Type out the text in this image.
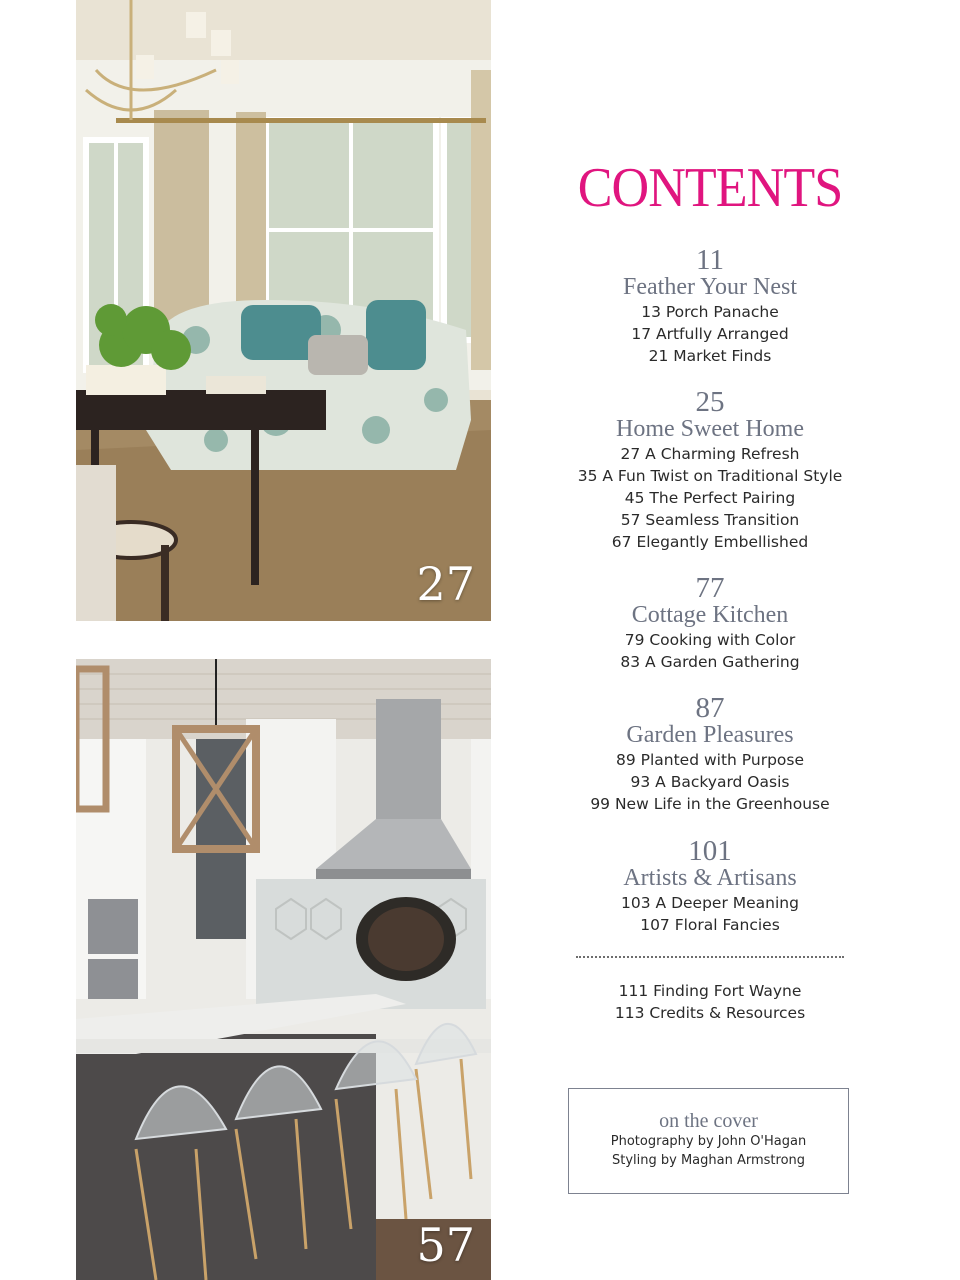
27
57
CONTENTS
11
Feather Your Nest
13 Porch Panache
17 Artfully Arranged
21 Market Finds
25
Home Sweet Home
27 A Charming Refresh
35 A Fun Twist on Traditional Style
45 The Perfect Pairing
57 Seamless Transition
67 Elegantly Embellished
77
Cottage Kitchen
79 Cooking with Color
83 A Garden Gathering
87
Garden Pleasures
89 Planted with Purpose
93 A Backyard Oasis
99 New Life in the Greenhouse
101
Artists & Artisans
103 A Deeper Meaning
107 Floral Fancies
111 Finding Fort Wayne
113 Credits & Resources
on the cover
Photography by John O'Hagan
Styling by Maghan Armstrong
